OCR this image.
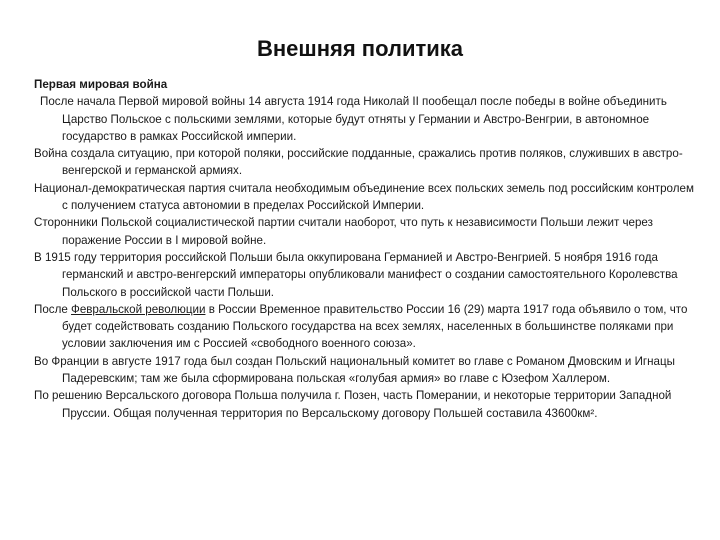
Внешняя политика

Первая мировая война

После начала Первой мировой войны 14 августа 1914 года Николай II пообещал после победы в войне объединить Царство Польское с польскими землями, которые будут отняты у Германии и Австро-Венгрии, в автономное государство в рамках Российской империи.

Война создала ситуацию, при которой поляки, российские подданные, сражались против поляков, служивших в австро-венгерской и германской армиях.

Национал-демократическая партия считала необходимым объединение всех польских земель под российским контролем с получением статуса автономии в пределах Российской Империи.

Сторонники Польской социалистической партии считали наоборот, что путь к независимости Польши лежит через поражение России в I мировой войне.

В 1915 году территория российской Польши была оккупирована Германией и Австро-Венгрией. 5 ноября 1916 года германский и австро-венгерский императоры опубликовали манифест о создании самостоятельного Королевства Польского в российской части Польши.

После Февральской революции в России Временное правительство России 16 (29) марта 1917 года объявило о том, что будет содействовать созданию Польского государства на всех землях, населенных в большинстве поляками при условии заключения им с Россией «свободного военного союза».

Во Франции в августе 1917 года был создан Польский национальный комитет во главе с Романом Дмовским и Игнацы Падеревским; там же была сформирована польская «голубая армия» во главе с Юзефом Халлером.

По решению Версальского договора Польша получила г. Позен, часть Померании, и некоторые территории Западной Пруссии. Общая полученная территория по Версальскому договору Польшей составила 43600км².
